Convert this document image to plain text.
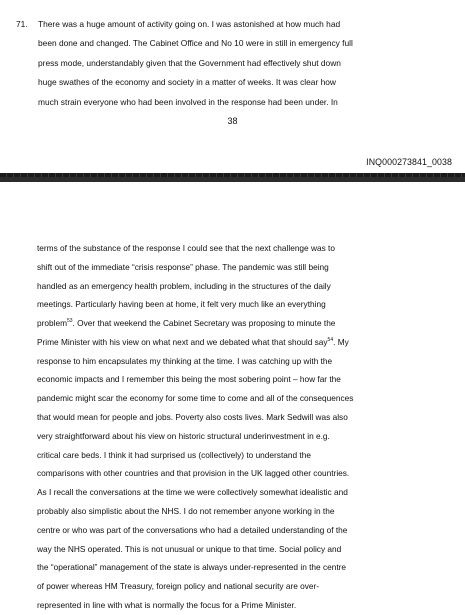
71. There was a huge amount of activity going on. I was astonished at how much had
been done and changed. The Cabinet Office and No 10 were in still in emergency full
press mode, understandably given that the Government had effectively shut down
huge swathes of the economy and society in a matter of weeks. It was clear how
much strain everyone who had been involved in the response had been under. In
38
INQ000273841_0038

terms of the substance of the response I could see that the next challenge was to

shift out of the immediate “crisis response” phase. The pandemic was still being

handled as an emergency health problem, including in the structures of the daily

meetings. Particularly having been at home, it felt very much like an everything

problem$^{53}$. Over that weekend the Cabinet Secretary was proposing to minute the

Prime Minister with his view on what next and we debated what that should say$^{54}$. My

response to him encapsulates my thinking at the time. I was catching up with the

economic impacts and I remember this being the most sobering point – how far the

pandemic might scar the economy for some time to come and all of the consequences

that would mean for people and jobs. Poverty also costs lives. Mark Sedwill was also

very straightforward about his view on historic structural underinvestment in e.g.

critical care beds. I think it had surprised us (collectively) to understand the

comparisons with other countries and that provision in the UK lagged other countries.

As I recall the conversations at the time we were collectively somewhat idealistic and

probably also simplistic about the NHS. I do not remember anyone working in the

centre or who was part of the conversations who had a detailed understanding of the

way the NHS operated. This is not unusual or unique to that time. Social policy and

the “operational” management of the state is always under-represented in the centre

of power whereas HM Treasury, foreign policy and national security are over-

represented in line with what is normally the focus for a Prime Minister.
